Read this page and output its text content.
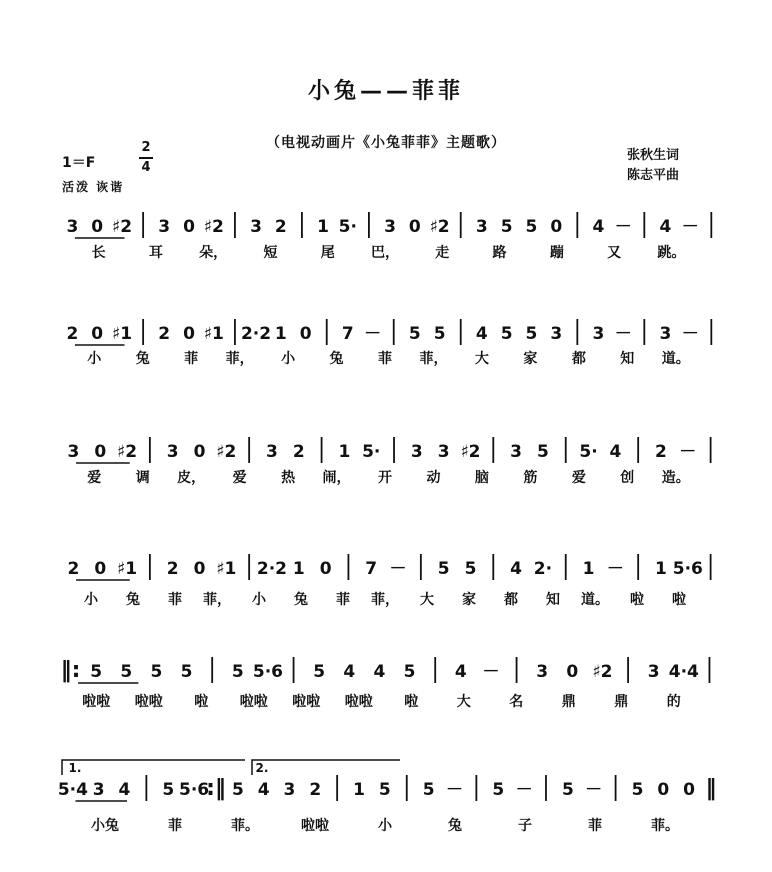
小兔——菲菲
（电视动画片《小兔菲菲》主题歌）
张秋生词
陈志平曲
1＝F
2
4
活泼 诙谐
3 0 ♯2	| 3 0 ♯2	| 3 2	| 1 5·	| 3 0 ♯2	| 3 5 5 0	| 4 －	| 4 －	|
长	耳	朵，	短	尾	巴，	走	路	蹦	又	跳。
2 0 ♯1	| 2 0 ♯1	| 2·2 1 0	| 7 －	| 5 5	| 4 5 5 3	| 3 －	| 3 －	|
小 兔 菲 菲， 小 兔 菲 菲， 大 家 都 知 道。
3 0 ♯2	| 3 0 ♯2	| 3 2	| 1 5·	| 3 3 ♯2	| 3 5	| 5· 4	| 2 －	|
爱 调 皮， 爱 热 闹， 开 动 脑 筋 爱 创 造。
2 0 ♯1	| 2 0 ♯1	| 2·2 1 0	| 7 －	| 5 5	| 4 2·	| 1 －	| 1 5·6	|
小 兔 菲 菲， 小 兔 菲 菲， 大 家 都 知 道。 啦 啦
‖: 5 5 5 5	| 5 5·6	| 5 4 4 5	| 4 －	| 3 0 ♯2	| 3 4·4	|
啦啦 啦啦 啦 啦啦 啦啦 啦啦 啦	大	名	鼎	鼎	的
5·4 3 4	| 5 5·6
:‖ 5 4 3 2	| 1 5	| 5 －	| 5 －	| 5 －	| 5 0 0 ‖
小兔	菲	菲。	啦啦	小	兔	子	菲	菲。
1.	2.
